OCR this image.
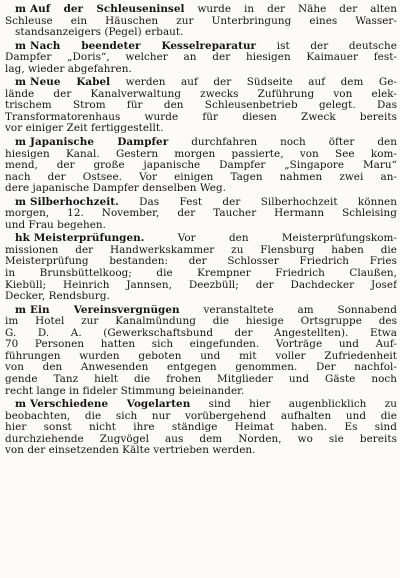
m Auf der Schleuseninsel wurde in der Nähe der alten
Schleuse ein Häuschen zur Unterbringung eines Wasser-
standsanzeigers (Pegel) erbaut.
m Nach beendeter Kesselreparatur ist der deutsche
Dampfer „Doris“, welcher an der hiesigen Kaimauer fest-
lag, wieder abgefahren.
m Neue Kabel werden auf der Südseite auf dem Ge-
lände der Kanalverwaltung zwecks Zuführung von elek-
trischem Strom für den Schleusenbetrieb gelegt. Das
Transformatorenhaus wurde für diesen Zweck bereits
vor einiger Zeit fertiggestellt.
m Japanische Dampfer durchfahren noch öfter den
hiesigen Kanal. Gestern morgen passierte, von See kom-
mend, der große japanische Dampfer „Singapore Maru“
nach der Ostsee. Vor einigen Tagen nahmen zwei an-
dere japanische Dampfer denselben Weg.
m Silberhochzeit. Das Fest der Silberhochzeit können
morgen, 12. November, der Taucher Hermann Schleising
und Frau begehen.
hk Meisterprüfungen. Vor den Meisterprüfungskom-
missionen der Handwerkskammer zu Flensburg haben die
Meisterprüfung bestanden: der Schlosser Friedrich Fries
in Brunsbüttelkoog; die Krempner Friedrich Claußen,
Kiebüll; Heinrich Jannsen, Deezbüll; der Dachdecker Josef
Decker, Rendsburg.
m Ein Vereinsvergnügen veranstaltete am Sonnabend
im Hotel zur Kanalmündung die hiesige Ortsgruppe des
G. D. A. (Gewerkschaftsbund der Angestellten). Etwa
70 Personen hatten sich eingefunden. Vorträge und Auf-
führungen wurden geboten und mit voller Zufriedenheit
von den Anwesenden entgegen genommen. Der nachfol-
gende Tanz hielt die frohen Mitglieder und Gäste noch
recht lange in fideler Stimmung beieinander.
m Verschiedene Vogelarten sind hier augenblicklich zu
beobachten, die sich nur vorübergehend aufhalten und die
hier sonst nicht ihre ständige Heimat haben. Es sind
durchziehende Zugvögel aus dem Norden, wo sie bereits
von der einsetzenden Kälte vertrieben werden.
